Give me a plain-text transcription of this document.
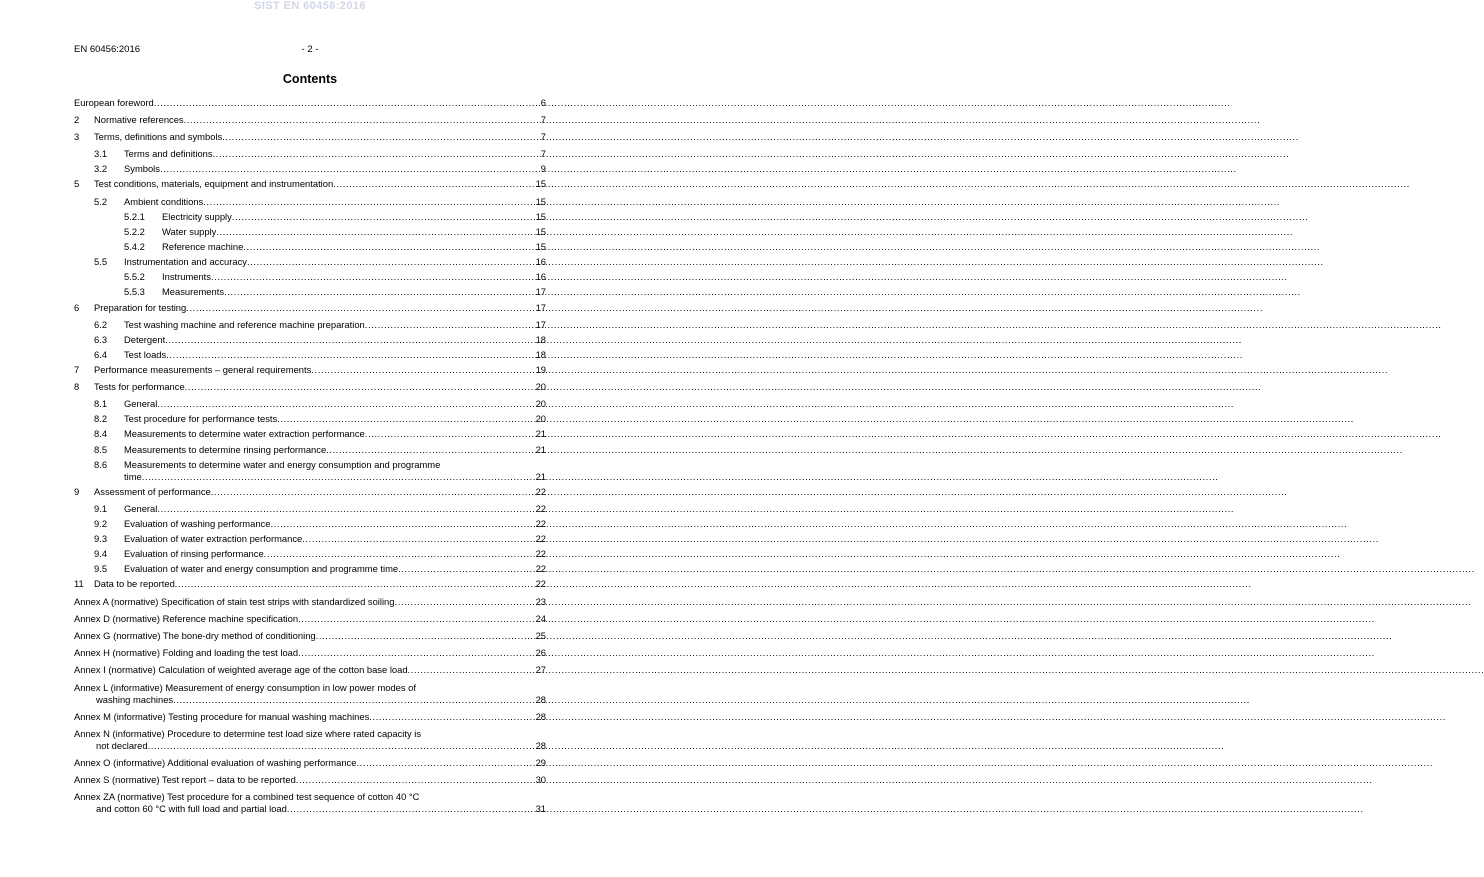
SIST EN 60456:2016
EN 60456:2016	- 2 -
Contents
European foreword .....	6
2	Normative references .....	7
3	Terms, definitions and symbols .....	7
3.1	Terms and definitions .....	7
3.2	Symbols .....	9
5	Test conditions, materials, equipment and instrumentation .....	15
5.2	Ambient conditions .....	15
5.2.1	Electricity supply .....	15
5.2.2	Water supply .....	15
5.4.2	Reference machine .....	15
5.5	Instrumentation and accuracy .....	16
5.5.2	Instruments .....	16
5.5.3	Measurements .....	17
6	Preparation for testing .....	17
6.2	Test washing machine and reference machine preparation .....	17
6.3	Detergent .....	18
6.4	Test loads .....	18
7	Performance measurements – general requirements .....	19
8	Tests for performance .....	20
8.1	General .....	20
8.2	Test procedure for performance tests .....	20
8.4	Measurements to determine water extraction performance .....	21
8.5	Measurements to determine rinsing performance .....	21
8.6	Measurements to determine water and energy consumption and programme
time .....	21
9	Assessment of performance .....	22
9.1	General .....	22
9.2	Evaluation of washing performance .....	22
9.3	Evaluation of water extraction performance .....	22
9.4	Evaluation of rinsing performance .....	22
9.5	Evaluation of water and energy consumption and programme time .....	22
11	Data to be reported .....	22
Annex A (normative) Specification of stain test strips with standardized soiling .....	23
Annex D (normative) Reference machine specification .....	24
Annex G (normative) The bone-dry method of conditioning .....	25
Annex H (normative) Folding and loading the test load .....	26
Annex I (normative) Calculation of weighted average age of the cotton base load .....	27
Annex L (informative) Measurement of energy consumption in low power modes of
washing machines .....	28
Annex M (informative) Testing procedure for manual washing machines .....	28
Annex N (informative) Procedure to determine test load size where rated capacity is
not declared .....	28
Annex O (informative) Additional evaluation of washing performance .....	29
Annex S (normative) Test report – data to be reported .....	30
Annex ZA (normative) Test procedure for a combined test sequence of cotton 40 °C
and cotton 60 °C with full load and partial load .....	31
